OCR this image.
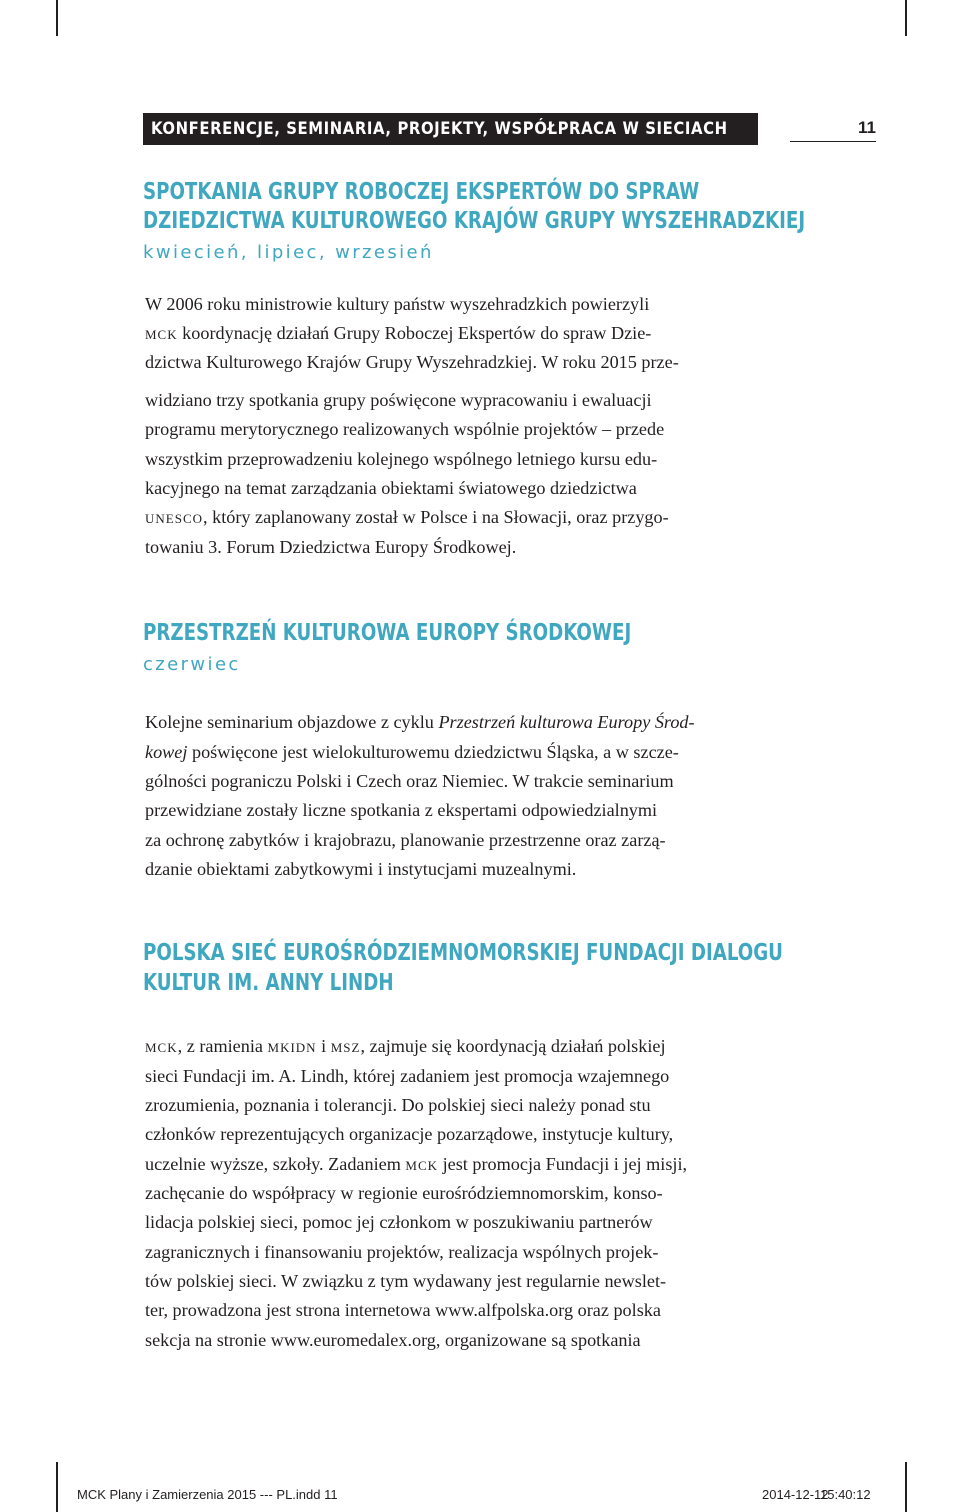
KONFERENCJE, SEMINARIA, PROJEKTY, WSPÓŁPRACA W SIECIACH	11
SPOTKANIA GRUPY ROBOCZEJ EKSPERTÓW DO SPRAW
DZIEDZICTWA KULTUROWEGO KRAJÓW GRUPY WYSZEHRADZKIEJ
kwiecień, lipiec, wrzesień
W 2006 roku ministrowie kultury państw wyszehradzkich powierzyli
mck koordynację działań Grupy Roboczej Ekspertów do spraw Dzie-
dzictwa Kulturowego Krajów Grupy Wyszehradzkiej. W roku 2015 prze-
widziano trzy spotkania grupy poświęcone wypracowaniu i ewaluacji
programu merytorycznego realizowanych wspólnie projektów – przede
wszystkim przeprowadzeniu kolejnego wspólnego letniego kursu edu-
kacyjnego na temat zarządzania obiektami światowego dziedzictwa
unesco, który zaplanowany został w Polsce i na Słowacji, oraz przygo-
towaniu 3. Forum Dziedzictwa Europy Środkowej.
PRZESTRZEŃ KULTUROWA EUROPY ŚRODKOWEJ
czerwiec
Kolejne seminarium objazdowe z cyklu Przestrzeń kulturowa Europy Środ-
kowej poświęcone jest wielokulturowemu dziedzictwu Śląska, a w szcze-
gólności pograniczu Polski i Czech oraz Niemiec. W trakcie seminarium
przewidziane zostały liczne spotkania z ekspertami odpowiedzialnymi
za ochronę zabytków i krajobrazu, planowanie przestrzenne oraz zarzą-
dzanie obiektami zabytkowymi i instytucjami muzealnymi.
POLSKA SIEĆ EUROŚRÓDZIEMNOMORSKIEJ FUNDACJI DIALOGU
KULTUR IM. ANNY LINDH
mck, z ramienia mkidn i msz, zajmuje się koordynacją działań polskiej
sieci Fundacji im. A. Lindh, której zadaniem jest promocja wzajemnego
zrozumienia, poznania i tolerancji. Do polskiej sieci należy ponad stu
członków reprezentujących organizacje pozarządowe, instytucje kultury,
uczelnie wyższe, szkoły. Zadaniem mck jest promocja Fundacji i jej misji,
zachęcanie do współpracy w regionie eurośródziemnomorskim, konso-
lidacja polskiej sieci, pomoc jej członkom w poszukiwaniu partnerów
zagranicznych i finansowaniu projektów, realizacja wspólnych projek-
tów polskiej sieci. W związku z tym wydawany jest regularnie newslet-
ter, prowadzona jest strona internetowa www.alfpolska.org oraz polska
sekcja na stronie www.euromedalex.org, organizowane są spotkania
MCK Plany i Zamierzenia 2015 --- PL.indd 11	2014-12-12
15:40:12
